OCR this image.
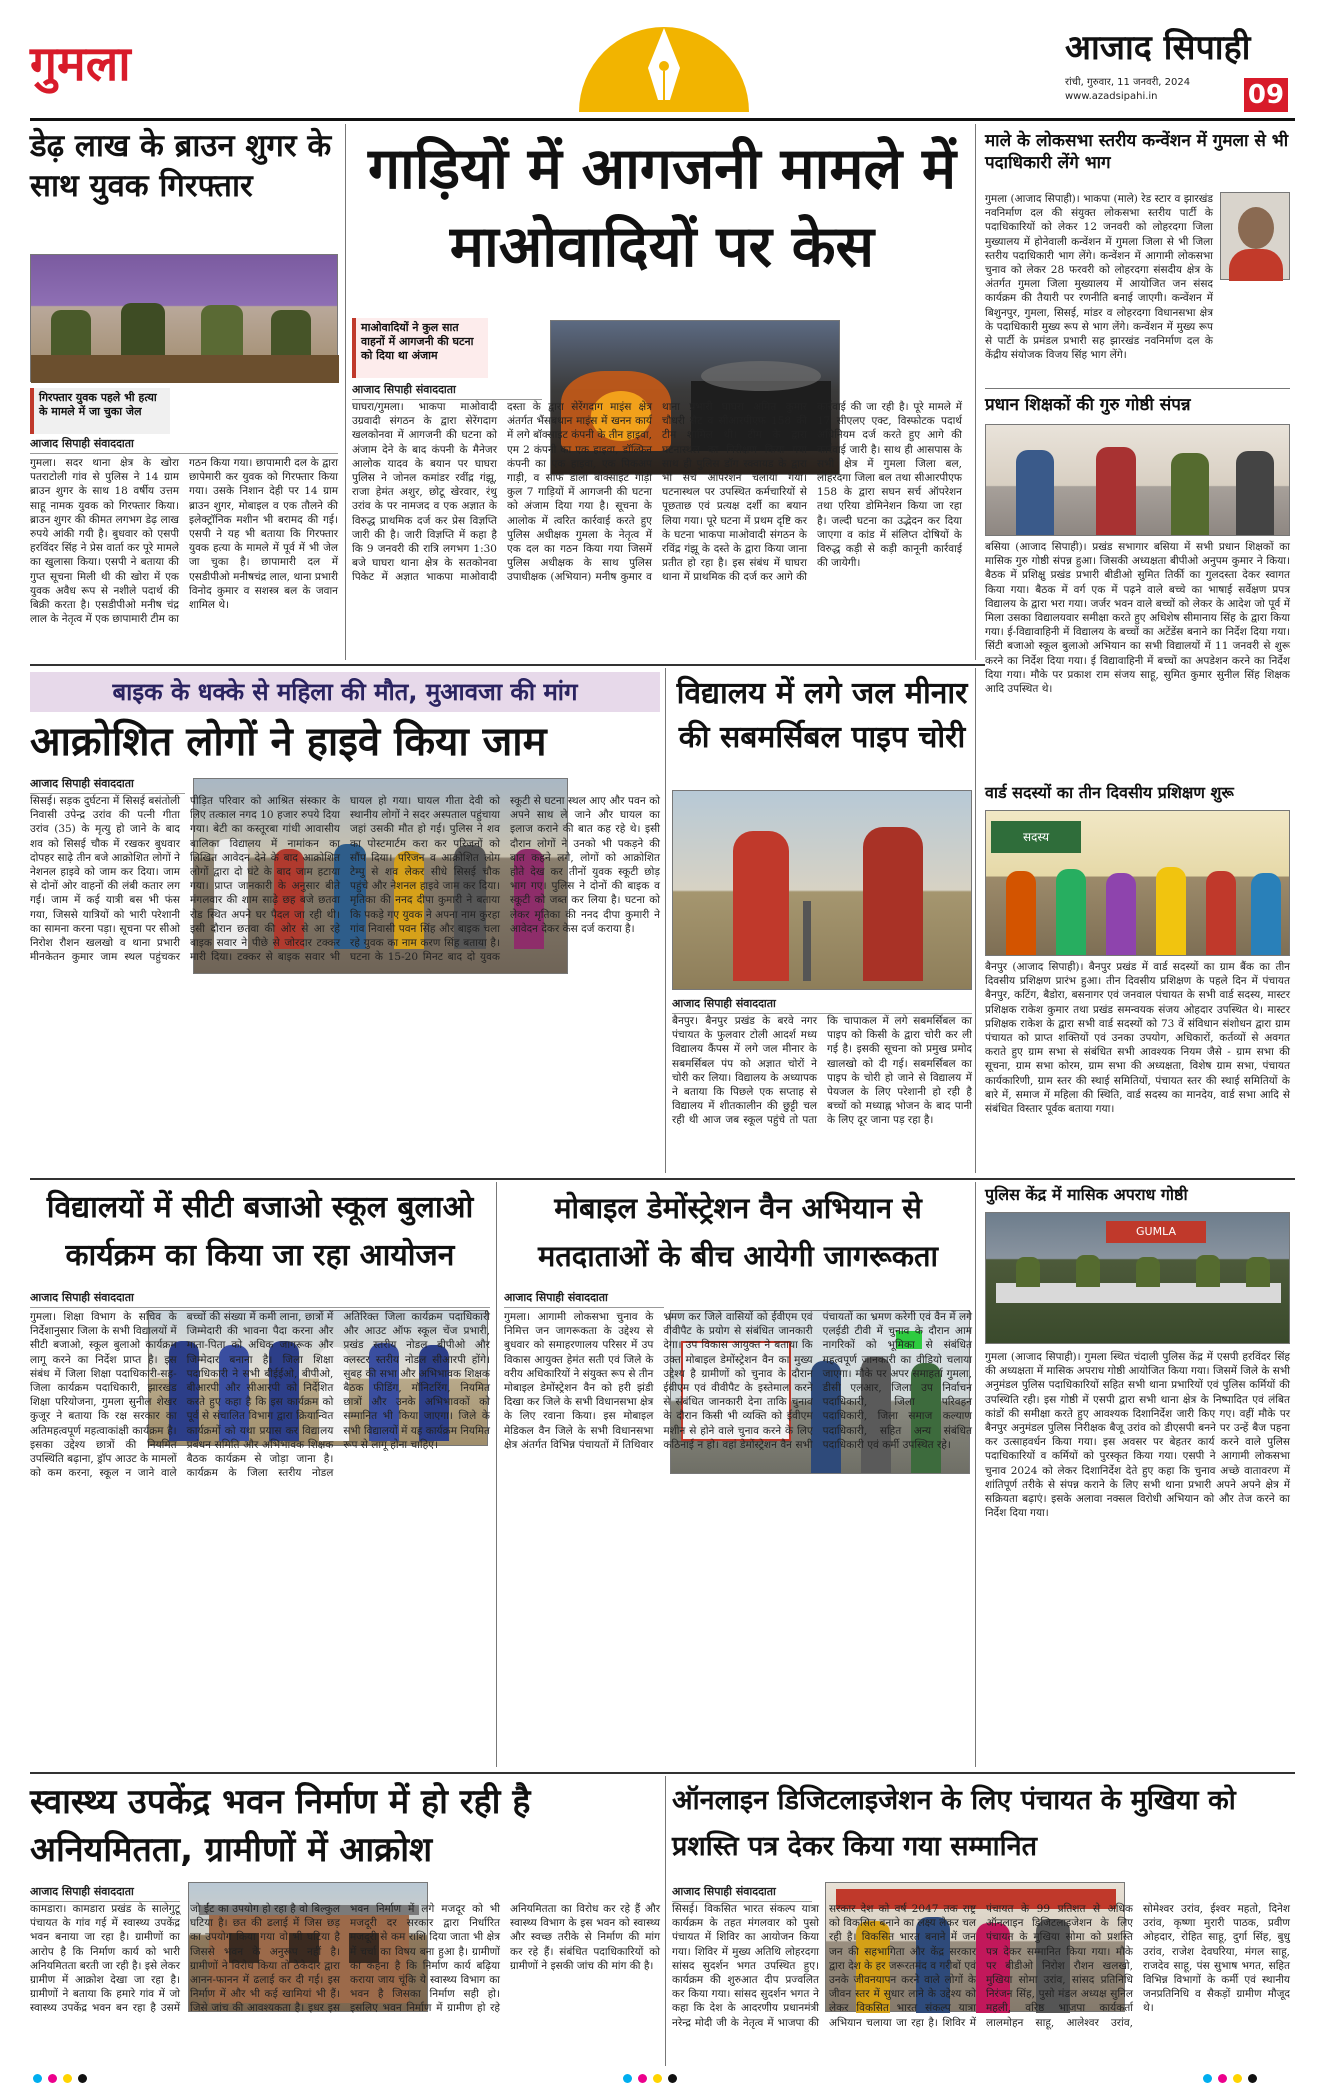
गुमला	आजाद सिपाही
रांची, गुरुवार, 11 जनवरी, 2024
www.azadsipahi.in	09
डेढ़ लाख के ब्राउन शुगर के साथ युवक गिरफ्तार
गिरफ्तार युवक पहले भी हत्या के मामले में जा चुका जेल
आजाद सिपाही संवाददाता
गुमला। सदर थाना क्षेत्र के खोरा पतराटोली गांव से पुलिस ने 14 ग्राम ब्राउन शुगर के साथ 18 वर्षीय उत्तम साहू नामक युवक को गिरफ्तार किया। ब्राउन शुगर की कीमत लगभग डेढ़ लाख रुपये आंकी गयी है। बुधवार को एसपी हरविंदर सिंह ने प्रेस वार्ता कर पूरे मामले का खुलासा किया। एसपी ने बताया की गुप्त सूचना मिली थी की खोरा में एक युवक अवैध रूप से नशीले पदार्थ की बिक्री करता है। एसडीपीओ मनीष चंद्र लाल के नेतृत्व में एक छापामारी टीम का गठन किया गया। छापामारी दल के द्वारा छापेमारी कर युवक को गिरफ्तार किया गया। उसके निशान देही पर 14 ग्राम ब्राउन शुगर, मोबाइल व एक तौलने की इलेक्ट्रॉनिक मशीन भी बरामद की गई। एसपी ने यह भी बताया कि गिरफ्तार युवक हत्या के मामले में पूर्व में भी जेल जा चुका है। छापामारी दल में एसडीपीओ मनीषचंद्र लाल, थाना प्रभारी विनोद कुमार व सशस्त्र बल के जवान शामिल थे।
गाड़ियों में आगजनी मामले में माओवादियों पर केस
माओवादियों ने कुल सात वाहनों में आगजनी की घटना को दिया था अंजाम
आजाद सिपाही संवाददाता
घाघरा/गुमला। भाकपा माओवादी उग्रवादी संगठन के द्वारा सेरेंगदाग खलकोनवा में आगजनी की घटना को अंजाम देने के बाद कंपनी के मैनेजर आलोक यादव के बयान पर घाघरा पुलिस ने जोनल कमांडर रवींद्र गंझू, राजा हेमंत अशुर, छोटू खेरवार, रंथु उरांव के पर नामजद व एक अज्ञात के विरुद्ध प्राथमिक दर्ज कर प्रेस विज्ञप्ति जारी की है। जारी विज्ञप्ति में कहा है कि 9 जनवरी की रात्रि लगभग 1:30 बजे घाघरा थाना क्षेत्र के सतकोनवा पिकेट में अज्ञात भाकपा माओवादी दस्ता के द्वारा सेरेंगदाग माइंस क्षेत्र अंतर्गत भैंसबथान माइंस में खनन कार्य में लगे बॉक्साइट कंपनी के तीन हाइवा, एम 2 कंपनी का एक हाइवा, डॉल्फिन कंपनी का एक हाइवा, एक पिकअप गाड़ी, व साफ डाला बॉक्साइट गाड़ी कुल 7 गाड़ियों में आगजनी की घटना को अंजाम दिया गया है। सूचना के आलोक में त्वरित कार्रवाई करते हुए पुलिस अधीक्षक गुमला के नेतृत्व में एक दल का गठन किया गया जिसमें पुलिस अधीक्षक के साथ पुलिस उपाधीक्षक (अभियान) मनीष कुमार व थाना प्रभारी घाघरा अमित कुमार चौधरी सैट व सीआरपीएफ 158 की टीम शामिल थी। टीम के द्वारा घटनास्थल का निरीक्षण किया गया साथ ही पुलिस डॉग स्क्वायड के द्वारा भी सर्च ऑपरेशन चलाया गया। घटनास्थल पर उपस्थित कर्मचारियों से पूछताछ एवं प्रत्यक्ष दर्शी का बयान लिया गया। पूरे घटना में प्रथम दृष्टि कर के घटना भाकपा माओवादी संगठन के रविंद्र गंझू के दस्ते के द्वारा किया जाना प्रतीत हो रहा है। इस संबंध में घाघरा थाना में प्राथमिक की दर्ज कर आगे की कार्रवाई की जा रही है। पूरे मामले में 17 सीएलए एक्ट, विस्फोटक पदार्थ अधिनियम दर्ज करते हुए आगे की कार्रवाई जारी है। साथ ही आसपास के सभी क्षेत्र में गुमला जिला बल, लोहरदगा जिला बल तथा सीआरपीएफ 158 के द्वारा सघन सर्च ऑपरेशन तथा एरिया डोमिनेशन किया जा रहा है। जल्दी घटना का उद्भेदन कर दिया जाएगा व कांड में संलिप्त दोषियों के विरुद्ध कड़ी से कड़ी कानूनी कार्रवाई की जायेगी।
माले के लोकसभा स्तरीय कन्वेंशन में गुमला से भी पदाधिकारी लेंगे भाग
गुमला (आजाद सिपाही)। भाकपा (माले) रेड स्टार व झारखंड नवनिर्माण दल की संयुक्त लोकसभा स्तरीय पार्टी के पदाधिकारियों को लेकर 12 जनवरी को लोहरदगा जिला मुख्यालय में होनेवाली कन्वेंशन में गुमला जिला से भी जिला स्तरीय पदाधिकारी भाग लेंगे। कन्वेंशन में आगामी लोकसभा चुनाव को लेकर 28 फरवरी को लोहरदगा संसदीय क्षेत्र के अंतर्गत गुमला जिला मुख्यालय में आयोजित जन संसद कार्यक्रम की तैयारी पर रणनीति बनाई जाएगी। कन्वेंशन में बिशुनपुर, गुमला, सिसई, मांडर व लोहरदगा विधानसभा क्षेत्र के पदाधिकारी मुख्य रूप से भाग लेंगे। कन्वेंशन में मुख्य रूप से पार्टी के प्रमंडल प्रभारी सह झारखंड नवनिर्माण दल के केंद्रीय संयोजक विजय सिंह भाग लेंगे।
प्रधान शिक्षकों की गुरु गोष्ठी संपन्न
बसिया (आजाद सिपाही)। प्रखंड सभागार बसिया में सभी प्रधान शिक्षकों का मासिक गुरु गोष्ठी संपन्न हुआ। जिसकी अध्यक्षता बीपीओ अनुपम कुमार ने किया। बैठक में प्रशिक्षु प्रखंड प्रभारी बीडीओ सुमित तिर्की का गुलदस्ता देकर स्वागत किया गया। बैठक में वर्ग एक में पढ़ने वाले बच्चे का भाषाई सर्वेक्षण प्रपत्र विद्यालय के द्वारा भरा गया। जर्जर भवन वाले बच्चों को लेकर के आदेश जो पूर्व में मिला उसका विद्यालयवार समीक्षा करते हुए अधिशेष सीमानाय सिंह के द्वारा किया गया। ई-विद्यावाहिनी में विद्यालय के बच्चों का अटेंडेंस बनाने का निर्देश दिया गया। सिंटी बजाओ स्कूल बुलाओ अभियान का सभी विद्यालयों में 11 जनवरी से शुरू करने का निर्देश दिया गया। ई विद्यावाहिनी में बच्चों का अपडेशन करने का निर्देश दिया गया। मौके पर प्रकाश राम संजय साहू, सुमित कुमार सुनील सिंह शिक्षक आदि उपस्थित थे।
बाइक के धक्के से महिला की मौत, मुआवजा की मांग
आक्रोशित लोगों ने हाइवे किया जाम
आजाद सिपाही संवाददाता
सिसई। सड़क दुर्घटना में सिसई बसंतोली निवासी उपेन्द्र उरांव की पत्नी गीता उरांव (35) के मृत्यु हो जाने के बाद शव को सिसई चौक में रखकर बुधवार दोपहर साढ़े तीन बजे आक्रोशित लोगों ने नेशनल हाइवे को जाम कर दिया। जाम से दोनों ओर वाहनों की लंबी कतार लग गई। जाम में कई यात्री बस भी फंस गया, जिससे यात्रियों को भारी परेशानी का सामना करना पड़ा। सूचना पर सीओ निरोश रौशन खलखो व थाना प्रभारी मीनकेतन कुमार जाम स्थल पहुंचकर पीड़ित परिवार को आश्रित संस्कार के लिए तत्काल नगद 10 हजार रुपये दिया गया। बेटी का कस्तूरबा गांधी आवासीय बालिका विद्यालय में नामांकन का लिखित आवेदन देने के बाद आक्रोशित लोगों द्वारा दो घंटे के बाद जाम हटाया गया। प्राप्त जानकारी के अनुसार बीते मंगलवार की शाम साढ़े छह बजे छतवा रोड स्थित अपने घर पैदल जा रही थी। इसी दौरान छतवा की ओर से आ रहे बाइक सवार ने पीछे से जोरदार टक्कर मारी दिया। टक्कर से बाइक सवार भी घायल हो गया। घायल गीता देवी को स्थानीय लोगों ने सदर अस्पताल पहुंचाया जहां उसकी मौत हो गई। पुलिस ने शव का पोस्टमार्टम करा कर परिजनों को सौंप दिया। परिजन व आक्रोशित लोग टेम्पु से शव लेकर सीधे सिसई चौक पहुंचे और नेशनल हाइवे जाम कर दिया। मृतिका की ननद दीपा कुमारी ने बताया कि पकड़े गए युवक ने अपना नाम कुरहा गांव निवासी पवन सिंह और बाइक चला रहे युवक का नाम करण सिंह बताया है। घटना के 15-20 मिनट बाद दो युवक स्कूटी से घटना स्थल आए और पवन को अपने साथ ले जाने और घायल का इलाज कराने की बात कह रहे थे। इसी दौरान लोगों ने उनको भी पकड़ने की बात कहने लगे, लोगों को आक्रोशित होते देख कर तीनों युवक स्कूटी छोड़ भाग गए। पुलिस ने दोनों की बाइक व स्कूटी को जब्त कर लिया है। घटना को लेकर मृतिका की ननद दीपा कुमारी ने आवेदन देकर केस दर्ज कराया है।
विद्यालय में लगे जल मीनार की सबमर्सिबल पाइप चोरी
आजाद सिपाही संवाददाता
बैनपुर। बैनपुर प्रखंड के बरवे नगर पंचायत के फुलवार टोली आदर्श मध्य विद्यालय कैंपस में लगे जल मीनार के सबमर्सिबल पंप को अज्ञात चोरों ने चोरी कर लिया। विद्यालय के अध्यापक ने बताया कि पिछले एक सप्ताह से विद्यालय में शीतकालीन की छुट्टी चल रही थी आज जब स्कूल पहुंचे तो पता कि चापाकल में लगे सबमर्सिबल का पाइप को किसी के द्वारा चोरी कर ली गई है। इसकी सूचना को प्रमुख प्रमोद खालखो को दी गई। सबमर्सिबल का पाइप के चोरी हो जाने से विद्यालय में पेयजल के लिए परेशानी हो रही है बच्चों को मध्याह्न भोजन के बाद पानी के लिए दूर जाना पड़ रहा है।
वार्ड सदस्यों का तीन दिवसीय प्रशिक्षण शुरू
सदस्य
बैनपुर (आजाद सिपाही)। बैनपुर प्रखंड में वार्ड सदस्यों का ग्राम बैंक का तीन दिवसीय प्रशिक्षण प्रारंभ हुआ। तीन दिवसीय प्रशिक्षण के पहले दिन में पंचायत बैनपुर, कटिंग, बैडोरा, बसनागर एवं जनवाल पंचायत के सभी वार्ड सदस्य, मास्टर प्रशिक्षक राकेश कुमार तथा प्रखंड समन्वयक संजय ओहदार उपस्थित थे। मास्टर प्रशिक्षक राकेश के द्वारा सभी वार्ड सदस्यों को 73 वें संविधान संशोधन द्वारा ग्राम पंचायत को प्राप्त शक्तियों एवं उनका उपयोग, अधिकारों, कर्तव्यों से अवगत कराते हुए ग्राम सभा से संबंधित सभी आवश्यक नियम जैसे - ग्राम सभा की सूचना, ग्राम सभा कोरम, ग्राम सभा की अध्यक्षता, विशेष ग्राम सभा, पंचायत कार्यकारिणी, ग्राम स्तर की स्थाई समितियों, पंचायत स्तर की स्थाई समितियों के बारे में, समाज में महिला की स्थिति, वार्ड सदस्य का मानदेय, वार्ड सभा आदि से संबंधित विस्तार पूर्वक बताया गया।
विद्यालयों में सीटी बजाओ स्कूल बुलाओ कार्यक्रम का किया जा रहा आयोजन
आजाद सिपाही संवाददाता
गुमला। शिक्षा विभाग के सचिव के निर्देशानुसार जिला के सभी विद्यालयों में सीटी बजाओ, स्कूल बुलाओ कार्यक्रम लागू करने का निर्देश प्राप्त है। इस संबंध में जिला शिक्षा पदाधिकारी-सह-जिला कार्यक्रम पदाधिकारी, झारखंड शिक्षा परियोजना, गुमला सुनील शेखर कुजूर ने बताया कि रक्ष सरकार का अतिमहत्वपूर्ण महत्वाकांक्षी कार्यक्रम है। इसका उद्देश्य छात्रों की नियमित उपस्थिति बढ़ाना, ड्रॉप आउट के मामलों को कम करना, स्कूल न जाने वाले बच्चों की संख्या में कमी लाना, छात्रों में जिम्मेदारी की भावना पैदा करना और माता-पिता को अधिक जागरूक और जिम्मेदार बनाना है। जिला शिक्षा पदाधिकारी ने सभी बीईईओ, बीपीओ, बीआरपी और सीआरपी को निर्देशित करते हुए कहा है कि इस कार्यक्रम को पूर्व से संचालित विभाग द्वारा क्रियान्वित कार्यक्रमों को यथा प्रयास कर विद्यालय प्रबंधन समिति और अभिभावक शिक्षक बैठक कार्यक्रम से जोड़ा जाना है। कार्यक्रम के जिला स्तरीय नोडल अतिरिक्त जिला कार्यक्रम पदाधिकारी और आउट ऑफ स्कूल चेंज प्रभारी, प्रखंड स्तरीय नोडल बीपीओ और क्लस्टर स्तरीय नोडल सीआरपी होंगे। सुबह की सभा और अभिभावक शिक्षक बैठक फीडिंग, मॉनिटरिंग, नियमित छात्रों और उनके अभिभावकों को सम्मानित भी किया जाएगा। जिले के सभी विद्यालयों में यह कार्यक्रम नियमित रूप से लागू होना चाहिए।
मोबाइल डेमोंस्ट्रेशन वैन अभियान से मतदाताओं के बीच आयेगी जागरूकता
आजाद सिपाही संवाददाता
गुमला। आगामी लोकसभा चुनाव के निमित्त जन जागरूकता के उद्देश्य से बुधवार को समाहरणालय परिसर में उप विकास आयुक्त हेमंत सती एवं जिले के वरीय अधिकारियों ने संयुक्त रूप से तीन मोबाइल डेमोंस्ट्रेशन वैन को हरी झंडी दिखा कर जिले के सभी विधानसभा क्षेत्र के लिए रवाना किया। इस मोबाइल मेडिकल वैन जिले के सभी विधानसभा क्षेत्र अंतर्गत विभिन्न पंचायतों में तिथिवार भ्रमण कर जिले वासियों को ईवीएम एवं वीवीपैट के प्रयोग से संबंधित जानकारी देगा। उप विकास आयुक्त ने बताया कि उक्त मोबाइल डेमोंस्ट्रेशन वैन का मुख्य उद्देश्य है ग्रामीणों को चुनाव के दौरान ईवीएम एवं वीवीपैट के इस्तेमाल करने से संबंधित जानकारी देना ताकि चुनाव के दौरान किसी भी व्यक्ति को ईवीएम मशीन से होने वाले चुनाव करने के लिए कठिनाई न हो। वहां डेमोंस्ट्रेशन वैन सभी पंचायतों का भ्रमण करेगी एवं वैन में लगे एलईडी टीवी में चुनाव के दौरान आम नागरिकों को भूमिका से संबंधित महत्वपूर्ण जानकारी का वीडियो चलाया जाएगा। मौके पर अपर समाहर्ता गुमला, डीसी एलआर, जिला उप निर्वाचन पदाधिकारी, जिला परिवहन पदाधिकारी, जिला समाज कल्याण पदाधिकारी, सहित अन्य संबंधित पदाधिकारी एवं कर्मी उपस्थित रहे।
पुलिस केंद्र में मासिक अपराध गोष्ठी
GUMLA
गुमला (आजाद सिपाही)। गुमला स्थित चंदाली पुलिस केंद्र में एसपी हरविंदर सिंह की अध्यक्षता में मासिक अपराध गोष्ठी आयोजित किया गया। जिसमें जिले के सभी अनुमंडल पुलिस पदाधिकारियों सहित सभी थाना प्रभारियों एवं पुलिस कर्मियों की उपस्थिति रही। इस गोष्ठी में एसपी द्वारा सभी थाना क्षेत्र के निष्पादित एवं लंबित कांडों की समीक्षा करते हुए आवश्यक दिशानिर्देश जारी किए गए। वहीं मौके पर बैनपुर अनुमंडल पुलिस निरीक्षक बैजू उरांव को डीएसपी बनने पर उन्हें बैज पहना कर उत्साहवर्धन किया गया। इस अवसर पर बेहतर कार्य करने वाले पुलिस पदाधिकारियों व कर्मियों को पुरस्कृत किया गया। एसपी ने आगामी लोकसभा चुनाव 2024 को लेकर दिशानिर्देश देते हुए कहा कि चुनाव अच्छे वातावरण में शांतिपूर्ण तरीके से संपन्न कराने के लिए सभी थाना प्रभारी अपने अपने क्षेत्र में सक्रियता बढ़ाएं। इसके अलावा नक्सल विरोधी अभियान को और तेज करने का निर्देश दिया गया।
स्वास्थ्य उपकेंद्र भवन निर्माण में हो रही है अनियमितता, ग्रामीणों में आक्रोश
आजाद सिपाही संवाददाता
कामडारा। कामडारा प्रखंड के सालेगुटू पंचायत के गांव गई में स्वास्थ्य उपकेंद्र भवन बनाया जा रहा है। ग्रामीणों का आरोप है कि निर्माण कार्य को भारी अनियमितता बरती जा रही है। इसे लेकर ग्रामीण में आक्रोश देखा जा रहा है। ग्रामीणों ने बताया कि हमारे गांव में जो स्वास्थ्य उपकेंद्र भवन बन रहा है उसमें जो ईंट का उपयोग हो रहा है वो बिल्कुल घटिया है। छत की ढलाई में जिस छड़ का उपयोग किया गया वो भी घटिया है जिससे भवन के अनुरूप नहीं है। ग्रामीणों ने विरोध किया तो ठेकेदार द्वारा आनन-फानन में ढलाई कर दी गई। इस निर्माण में और भी कई खामियां भी हैं। जिसे जांच की आवश्यकता है। इधर इस भवन निर्माण में लगे मजदूर को भी मजदूरी दर सरकार द्वारा निर्धारित मजदूरी से कम राशि दिया जाता भी क्षेत्र में चर्चा का विषय बना हुआ है। ग्रामीणों का कहना है कि निर्माण कार्य बढ़िया कराया जाय चूंकि ये स्वास्थ्य विभाग का भवन है जिसका निर्माण सही हो। इसलिए भवन निर्माण में ग्रामीण हो रहे अनियमितता का विरोध कर रहे हैं और स्वास्थ्य विभाग के इस भवन को स्वास्थ्य और स्वच्छ तरीके से निर्माण की मांग कर रहे हैं। संबंधित पदाधिकारियों को ग्रामीणों ने इसकी जांच की मांग की है।
ऑनलाइन डिजिटलाइजेशन के लिए पंचायत के मुखिया को प्रशस्ति पत्र देकर किया गया सम्मानित
आजाद सिपाही संवाददाता
सिसई। विकसित भारत संकल्प यात्रा कार्यक्रम के तहत मंगलवार को पुसो पंचायत में शिविर का आयोजन किया गया। शिविर में मुख्य अतिथि लोहरदगा सांसद सुदर्शन भगत उपस्थित हुए। कार्यक्रम की शुरुआत दीप प्रज्वलित कर किया गया। सांसद सुदर्शन भगत ने कहा कि देश के आदरणीय प्रधानमंत्री नरेन्द्र मोदी जी के नेतृत्व में भाजपा की सरकार देश को वर्ष 2047 तक राष्ट्र को विकसित बनाने का लक्ष्य लेकर चल रही है। विकसित भारत बनाने में जन जन की सहभागिता और केंद्र सरकार द्वारा देश के हर जरूरतमंद व गरीबों एवं उनके जीवनयापन करने वाले लोगों के जीवन स्तर में सुधार लाने के उद्देश्य को लेकर विकसित भारत संकल्प यात्रा अभियान चलाया जा रहा है। शिविर में पंचायत के 99 प्रतिशत से अधिक ऑनलाइन डिजिटलाइजेशन के लिए पंचायत के मुखिया सोमा को प्रशस्ति पत्र देकर सम्मानित किया गया। मौके पर बीडीओ निरोश रौशन खलखो, मुखिया सोमा उरांव, सांसद प्रतिनिधि निरंजन सिंह, पुसो मंडल अध्यक्ष सुनिल महली, वरिष्ठ भाजपा कार्यकर्ता लालमोहन साहू, आलेश्वर उरांव, सोमेश्वर उरांव, ईश्वर महतो, दिनेश उरांव, कृष्णा मुरारी पाठक, प्रवीण ओहदार, रोहित साहू, दुर्गा सिंह, बुधु उरांव, राजेश देवघरिया, मंगल साहू, राजदेव साहू, पंस सुभाष भगत, सहित विभिन्न विभागों के कर्मी एवं स्थानीय जनप्रतिनिधि व सैकड़ों ग्रामीण मौजूद थे।
